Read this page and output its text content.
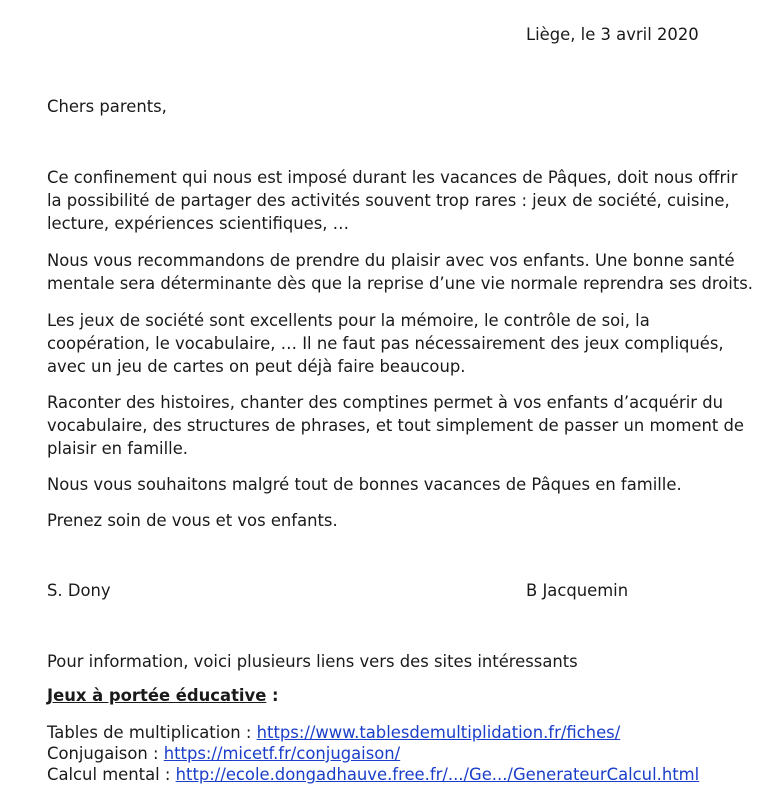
Liège, le 3 avril 2020
Chers parents,
Ce confinement qui nous est imposé durant les vacances de Pâques, doit nous offrir
la possibilité de partager des activités souvent trop rares : jeux de société, cuisine,
lecture, expériences scientifiques, …
Nous vous recommandons de prendre du plaisir avec vos enfants. Une bonne santé
mentale sera déterminante dès que la reprise d’une vie normale reprendra ses droits.
Les jeux de société sont excellents pour la mémoire, le contrôle de soi, la
coopération, le vocabulaire, … Il ne faut pas nécessairement des jeux compliqués,
avec un jeu de cartes on peut déjà faire beaucoup.
Raconter des histoires, chanter des comptines permet à vos enfants d’acquérir du
vocabulaire, des structures de phrases, et tout simplement de passer un moment de
plaisir en famille.
Nous vous souhaitons malgré tout de bonnes vacances de Pâques en famille.
Prenez soin de vous et vos enfants.
S. Dony	B Jacquemin
Pour information, voici plusieurs liens vers des sites intéressants
Jeux à portée éducative :
Tables de multiplication : https://www.tablesdemultiplidation.fr/fiches/
Conjugaison : https://micetf.fr/conjugaison/
Calcul mental : http://ecole.dongadhauve.free.fr/.../Ge.../GenerateurCalcul.html
